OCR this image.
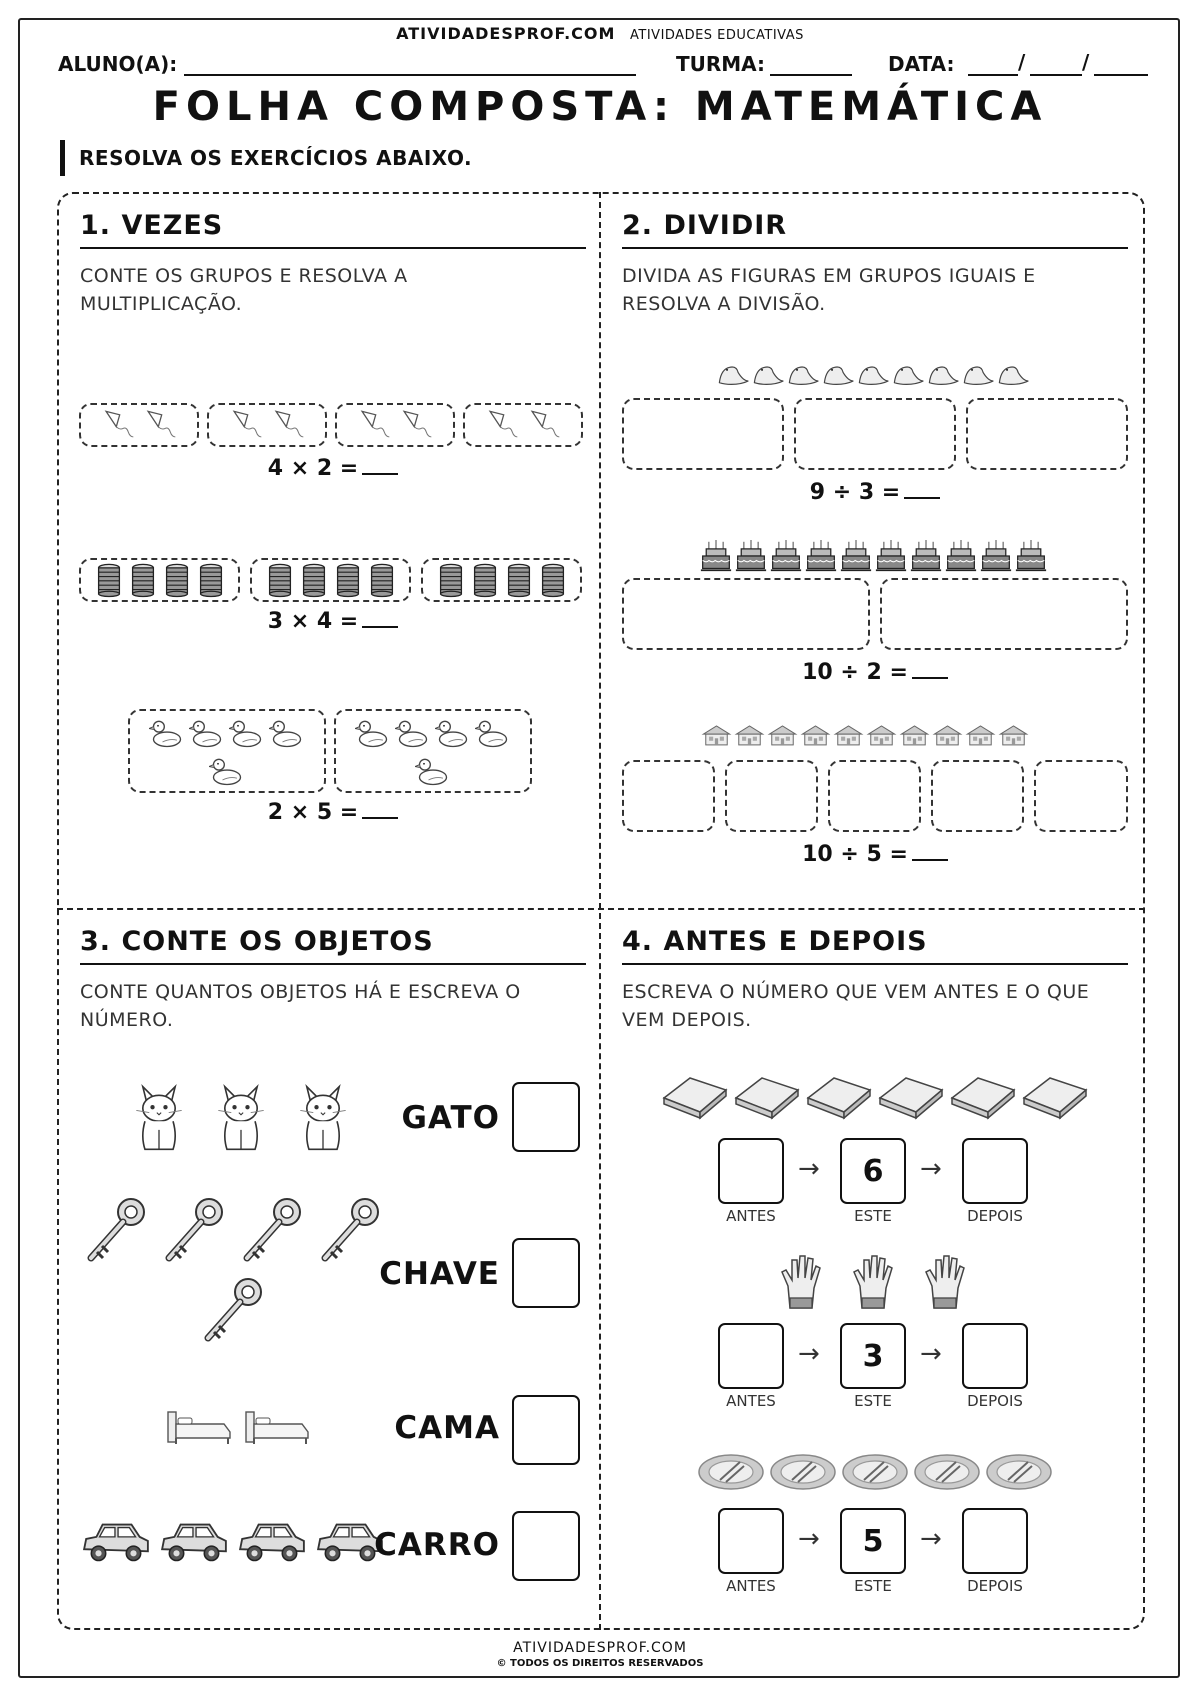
ATIVIDADESPROF.COM ATIVIDADES EDUCATIVAS
ALUNO(A):	TURMA:	DATA:	/	/
FOLHA COMPOSTA: MATEMÁTICA
RESOLVA OS EXERCÍCIOS ABAIXO.
1. VEZES
CONTE OS GRUPOS E RESOLVA A
MULTIPLICAÇÃO.
4 × 2 =
3 × 4 =
2 × 5 =
2. DIVIDIR
DIVIDA AS FIGURAS EM GRUPOS IGUAIS E
RESOLVA A DIVISÃO.
9 ÷ 3 =
10 ÷ 2 =
10 ÷ 5 =
3. CONTE OS OBJETOS
CONTE QUANTOS OBJETOS HÁ E ESCREVA O
NÚMERO.
GATO
CHAVE
CAMA
CARRO
4. ANTES E DEPOIS
ESCREVA O NÚMERO QUE VEM ANTES E O QUE
VEM DEPOIS.
→	6	→
ANTES	ESTE	DEPOIS
→	3	→
ANTES	ESTE	DEPOIS
→	5	→
ANTES	ESTE	DEPOIS
ATIVIDADESPROF.COM
© TODOS OS DIREITOS RESERVADOS
